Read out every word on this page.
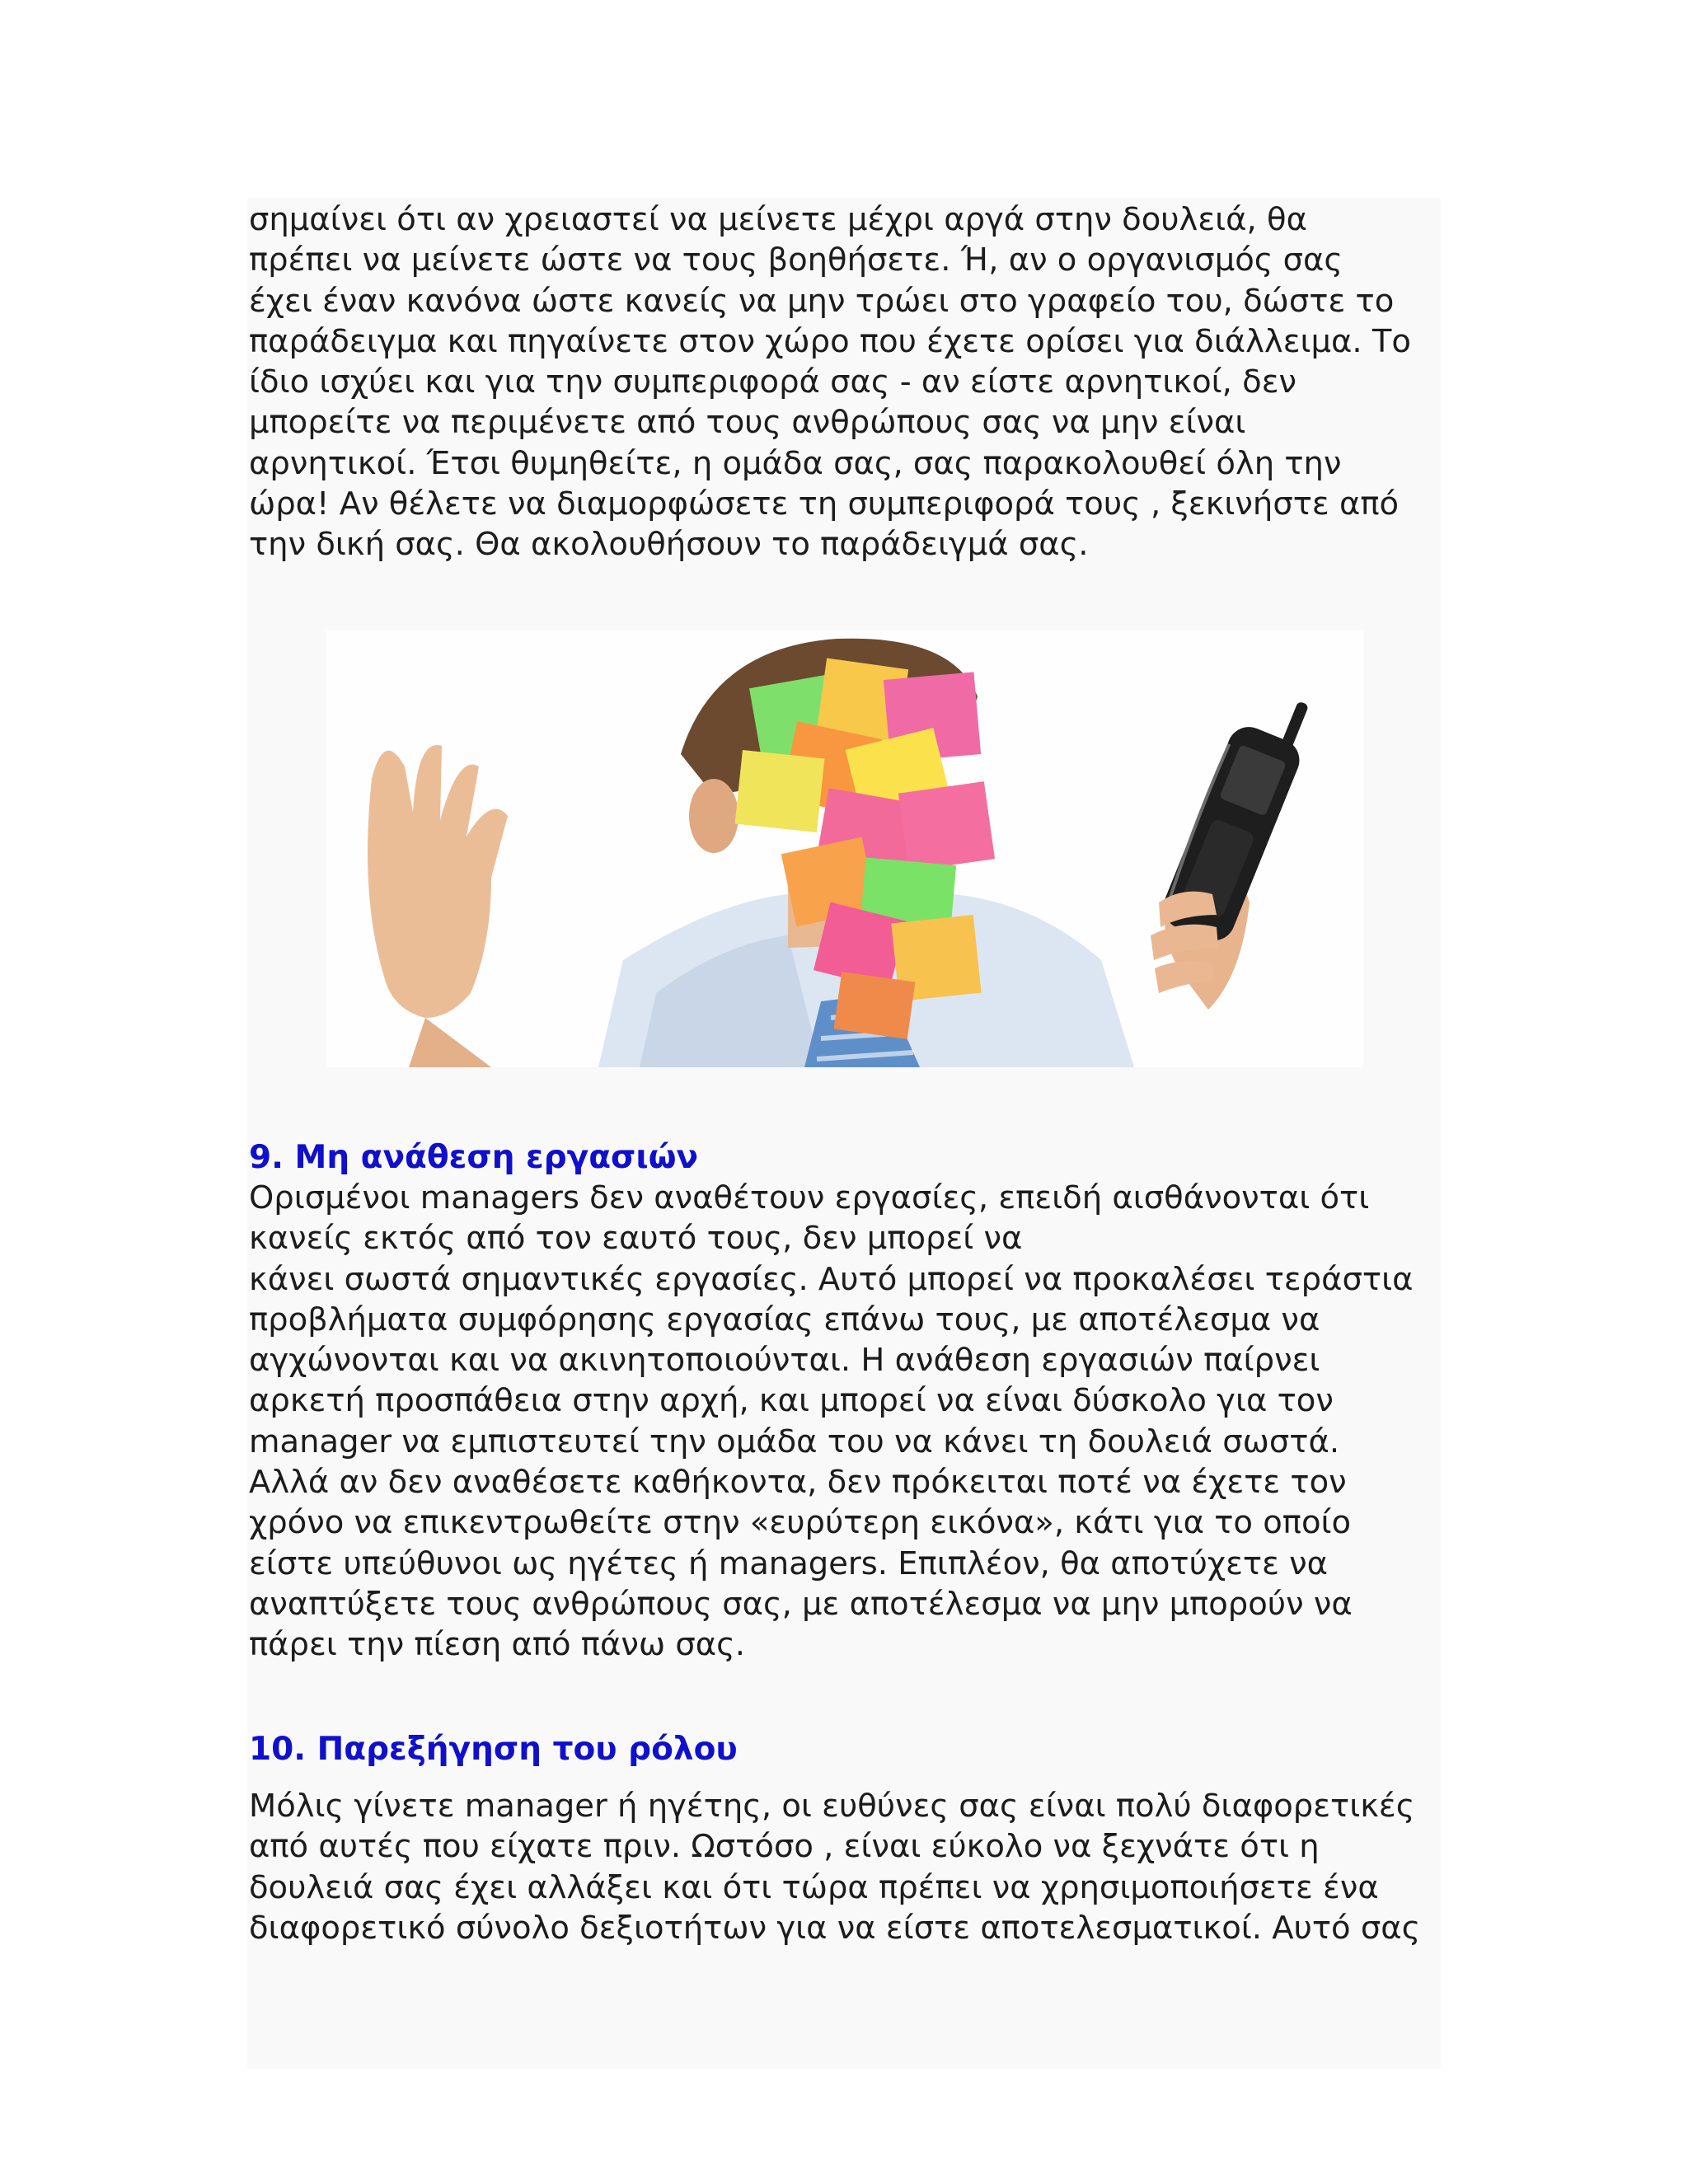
σημαίνει ότι αν χρειαστεί να μείνετε μέχρι αργά στην δουλειά, θα
πρέπει να μείνετε ώστε να τους βοηθήσετε. Ή, αν ο οργανισμός σας
έχει έναν κανόνα ώστε κανείς να μην τρώει στο γραφείο του, δώστε το
παράδειγμα και πηγαίνετε στον χώρο που έχετε ορίσει για διάλλειμα. Το
ίδιο ισχύει και για την συμπεριφορά σας - αν είστε αρνητικοί, δεν
μπορείτε να περιμένετε από τους ανθρώπους σας να μην είναι
αρνητικοί. Έτσι θυμηθείτε, η ομάδα σας, σας παρακολουθεί όλη την
ώρα! Αν θέλετε να διαμορφώσετε τη συμπεριφορά τους , ξεκινήστε από
την δική σας. Θα ακολουθήσουν το παράδειγμά σας.

9. Μη ανάθεση εργασιών

Ορισμένοι managers δεν αναθέτουν εργασίες, επειδή αισθάνονται ότι
κανείς εκτός από τον εαυτό τους, δεν μπορεί να
κάνει σωστά σημαντικές εργασίες. Αυτό μπορεί να προκαλέσει τεράστια
προβλήματα συμφόρησης εργασίας επάνω τους, με αποτέλεσμα να
αγχώνονται και να ακινητοποιούνται. Η ανάθεση εργασιών παίρνει
αρκετή προσπάθεια στην αρχή, και μπορεί να είναι δύσκολο για τον
manager να εμπιστευτεί την ομάδα του να κάνει τη δουλειά σωστά.
Αλλά αν δεν αναθέσετε καθήκοντα, δεν πρόκειται ποτέ να έχετε τον
χρόνο να επικεντρωθείτε στην «ευρύτερη εικόνα», κάτι για το οποίο
είστε υπεύθυνοι ως ηγέτες ή managers. Επιπλέον, θα αποτύχετε να
αναπτύξετε τους ανθρώπους σας, με αποτέλεσμα να μην μπορούν να
πάρει την πίεση από πάνω σας.

10. Παρεξήγηση του ρόλου

Μόλις γίνετε manager ή ηγέτης, οι ευθύνες σας είναι πολύ διαφορετικές
από αυτές που είχατε πριν. Ωστόσο , είναι εύκολο να ξεχνάτε ότι η
δουλειά σας έχει αλλάξει και ότι τώρα πρέπει να χρησιμοποιήσετε ένα
διαφορετικό σύνολο δεξιοτήτων για να είστε αποτελεσματικοί. Αυτό σας
